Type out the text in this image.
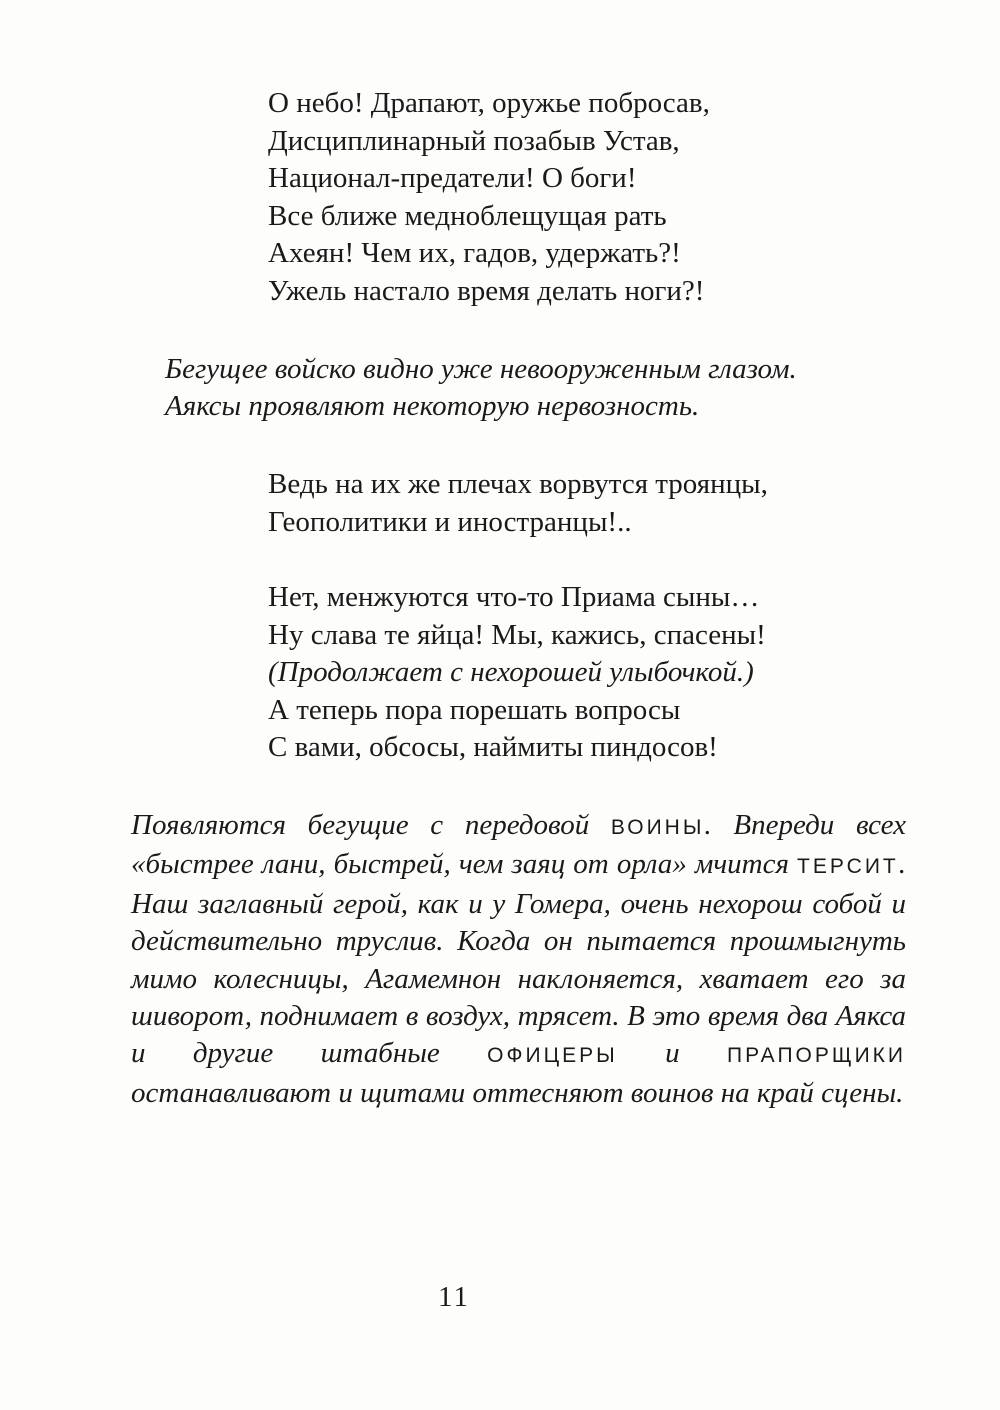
О небо! Драпают, оружье побросав,
Дисциплинарный позабыв Устав,
Национал-предатели! О боги!
Все ближе меднoблещущая рать
Ахеян! Чем их, гадов, удержать?!
Ужель настало время делать ноги?!
Бегущее войско видно уже невооруженным глазом.
Аяксы проявляют некоторую нервозность.
Ведь на их же плечах ворвутся троянцы,
Геополитики и иностранцы!..
Нет, менжуются что-то Приама сыны…
Ну слава те яйца! Мы, кажись, спасены!
(Продолжает с нехорошей улыбочкой.)
А теперь пора порешать вопросы
С вами, обсосы, наймиты пиндосов!
Появляются бегущие с передовой ВОИНЫ. Впереди всех «быстрее лани, быстрей, чем заяц от орла» мчится ТЕРСИТ. Наш заглавный герой, как и у Гомера, очень нехорош собой и действительно труслив. Когда он пытается прошмыгнуть мимо колесницы, Агамемнон наклоняется, хватает его за шиворот, поднимает в воздух, трясет. В это время два Аякса и другие штабные ОФИЦЕРЫ и ПРАПОРЩИКИ останавливают и щитами оттесняют воинов на край сцены.
11
